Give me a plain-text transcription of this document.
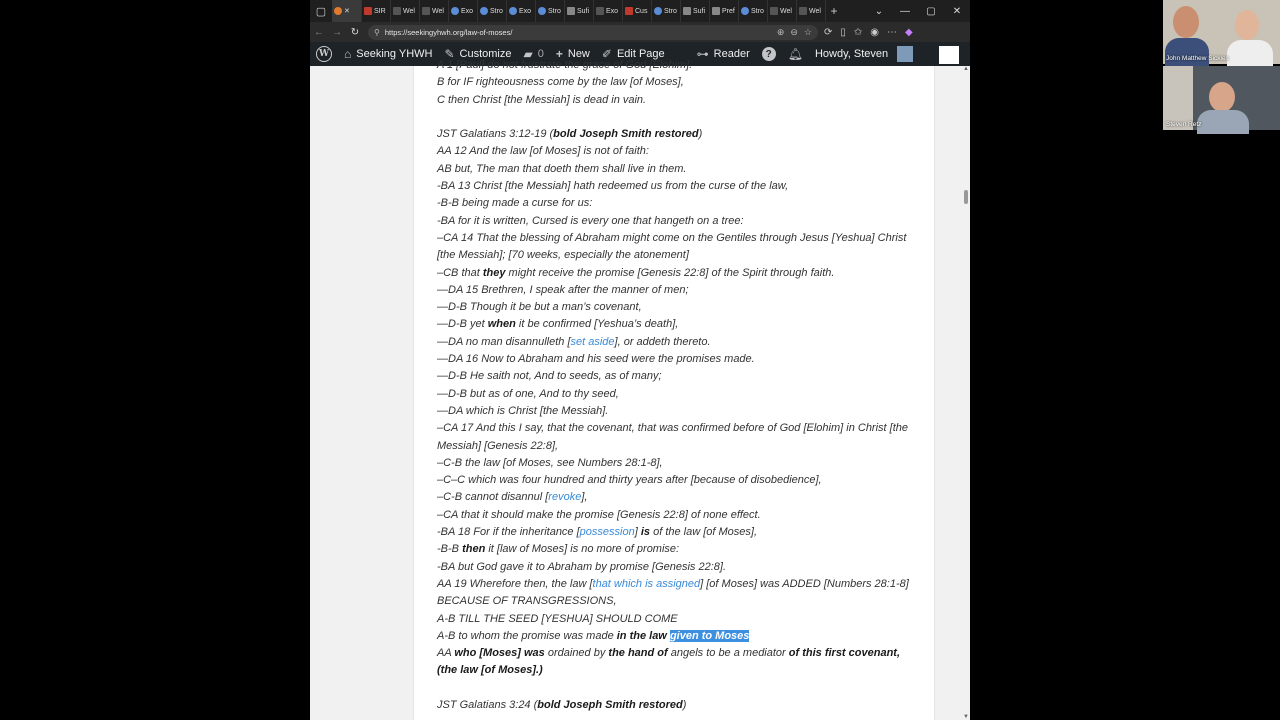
▢	✕	SIR Wel Wel Exo Stro Exo Stro Sufi Exo Cus Stro Sufi Pref Stro Wel Wel +	⌄	—	▢	✕
← → ↻	⚲ https://seekingyhwh.org/law-of-moses/	⊕ ⊖ ☆ ⟳ ▯ ✩ ◉ ⋯ ◆
W ⌂ Seeking YHWH ✎ Customize ▰ 0 + New ✐ Edit Page	⊶ Reader	?	🔔︎ Howdy, Steven
A 1 [Paul] do not frustrate the grace of God [Elohim]:
B for IF righteousness come by the law [of Moses],
C then Christ [the Messiah] is dead in vain.
JST Galatians 3:12-19 (bold Joseph Smith restored)
AA 12 And the law [of Moses] is not of faith:
AB but, The man that doeth them shall live in them.
-BA 13 Christ [the Messiah] hath redeemed us from the curse of the law,
-B-B being made a curse for us:
-BA for it is written, Cursed is every one that hangeth on a tree:
–CA 14 That the blessing of Abraham might come on the Gentiles through Jesus [Yeshua] Christ [the Messiah]; [70 weeks, especially the atonement]
–CB that they might receive the promise [Genesis 22:8] of the Spirit through faith.
—DA 15 Brethren, I speak after the manner of men;
—D-B Though it be but a man’s covenant,
—D-B yet when it be confirmed [Yeshua’s death],
—DA no man disannulleth [set aside], or addeth thereto.
—DA 16 Now to Abraham and his seed were the promises made.
—D-B He saith not, And to seeds, as of many;
—D-B but as of one, And to thy seed,
—DA which is Christ [the Messiah].
–CA 17 And this I say, that the covenant, that was confirmed before of God [Elohim] in Christ [the Messiah] [Genesis 22:8],
–C-B the law [of Moses, see Numbers 28:1-8],
–C–C which was four hundred and thirty years after [because of disobedience],
–C-B cannot disannul [revoke],
–CA that it should make the promise [Genesis 22:8] of none effect.
-BA 18 For if the inheritance [possession] is of the law [of Moses],
-B-B then it [law of Moses] is no more of promise:
-BA but God gave it to Abraham by promise [Genesis 22:8].
AA 19 Wherefore then, the law [that which is assigned] [of Moses] was ADDED [Numbers 28:1-8] BECAUSE OF TRANSGRESSIONS,
A-B TILL THE SEED [YESHUA] SHOULD COME
A-B to whom the promise was made in the law given to Moses
AA who [Moses] was ordained by the hand of angels to be a mediator of this first covenant, (the law [of Moses].)
JST Galatians 3:24 (bold Joseph Smith restored)
▲
▼
John Matthew Sickles
Steven Retz
